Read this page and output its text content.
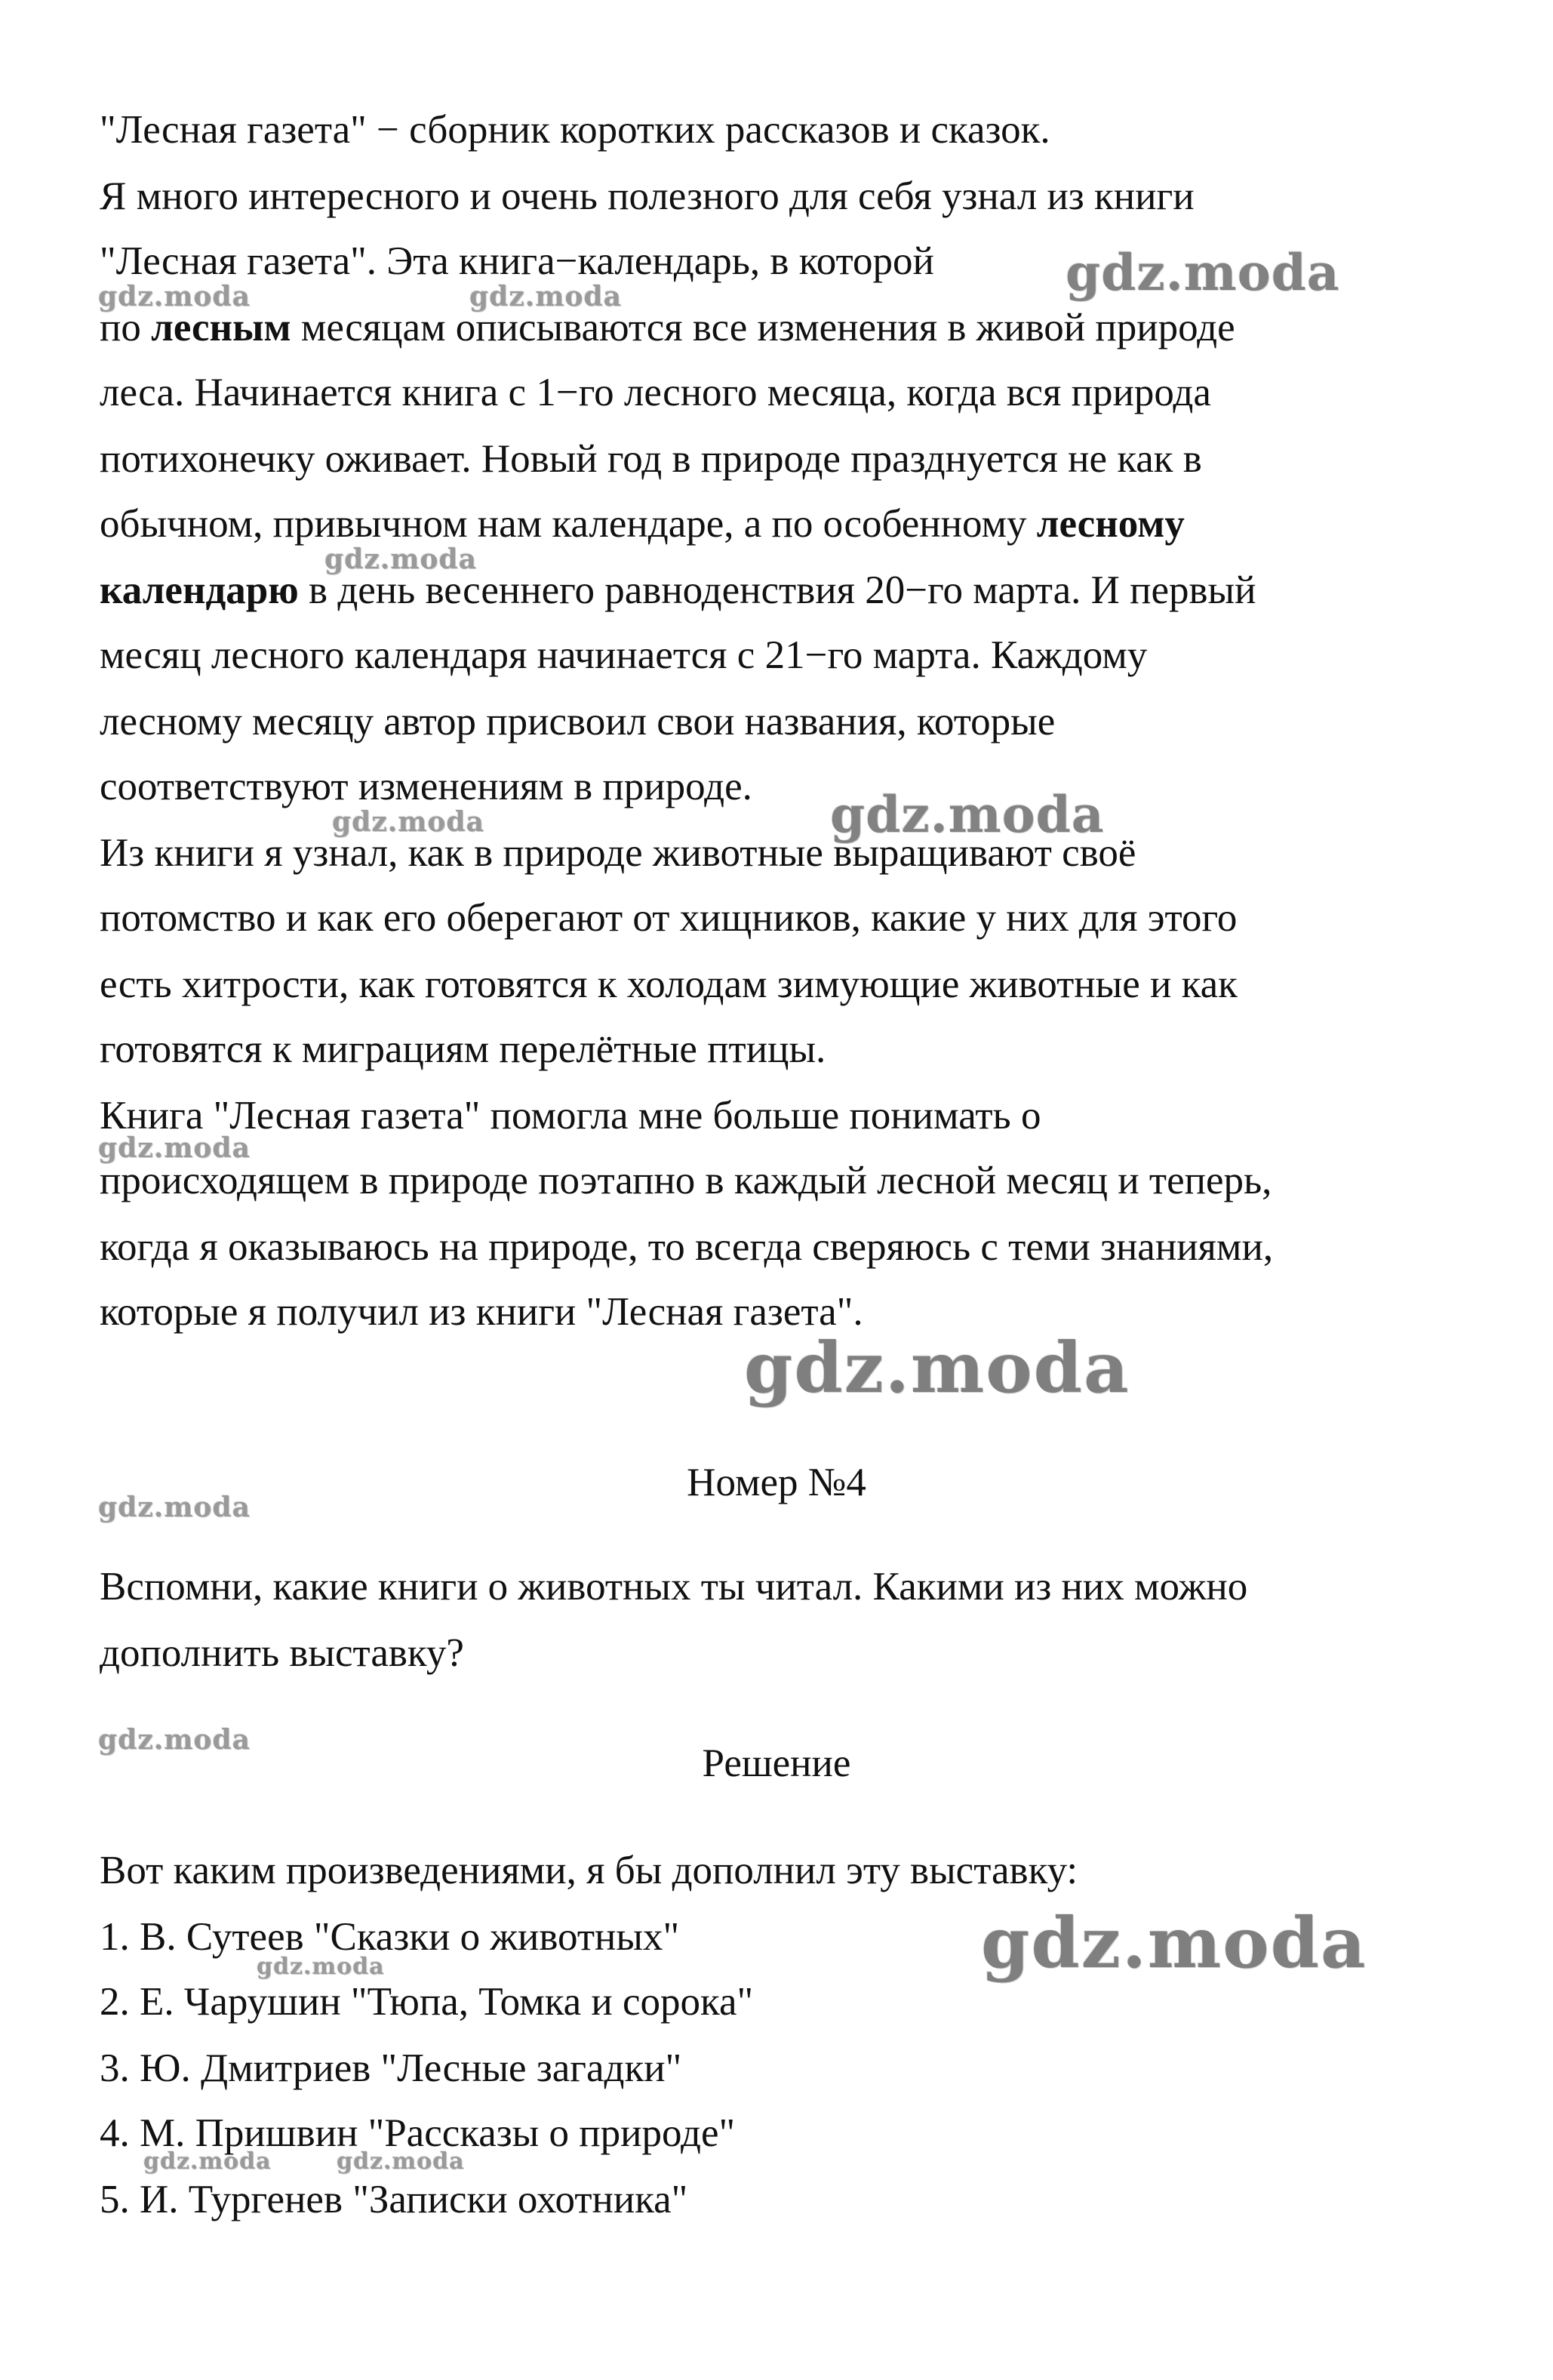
"Лесная газета" − сборник коротких рассказов и сказок.

Я много интересного и очень полезного для себя узнал из книги

"Лесная газета". Эта книга−календарь, в которой

по лесным месяцам описываются все изменения в живой природе

леса. Начинается книга с 1−го лесного месяца, когда вся природа

потихонечку оживает. Новый год в природе празднуется не как в

обычном, привычном нам календаре, а по особенному лесному

календарю в день весеннего равноденствия 20−го марта. И первый

месяц лесного календаря начинается с 21−го марта. Каждому

лесному месяцу автор присвоил свои названия, которые

соответствуют изменениям в природе.

Из книги я узнал, как в природе животные выращивают своё

потомство и как его оберегают от хищников, какие у них для этого

есть хитрости, как готовятся к холодам зимующие животные и как

готовятся к миграциям перелётные птицы.

Книга "Лесная газета" помогла мне больше понимать о

происходящем в природе поэтапно в каждый лесной месяц и теперь,

когда я оказываюсь на природе, то всегда сверяюсь с теми знаниями,

которые я получил из книги "Лесная газета".

Номер №4

Вспомни, какие книги о животных ты читал. Какими из них можно

дополнить выставку?

Решение

Вот каким произведениями, я бы дополнил эту выставку:

1. В. Сутеев "Сказки о животных"

2. Е. Чарушин "Тюпа, Томка и сорока"

3. Ю. Дмитриев "Лесные загадки"

4. М. Пришвин "Рассказы о природе"

5. И. Тургенев "Записки охотника"

gdz.moda	gdz.moda	gdz.moda
gdz.moda
gdz.moda
gdz.moda
gdz.moda
gdz.moda
gdz.moda
gdz.moda
gdz.moda
gdz.moda
gdz.moda	gdz.moda
